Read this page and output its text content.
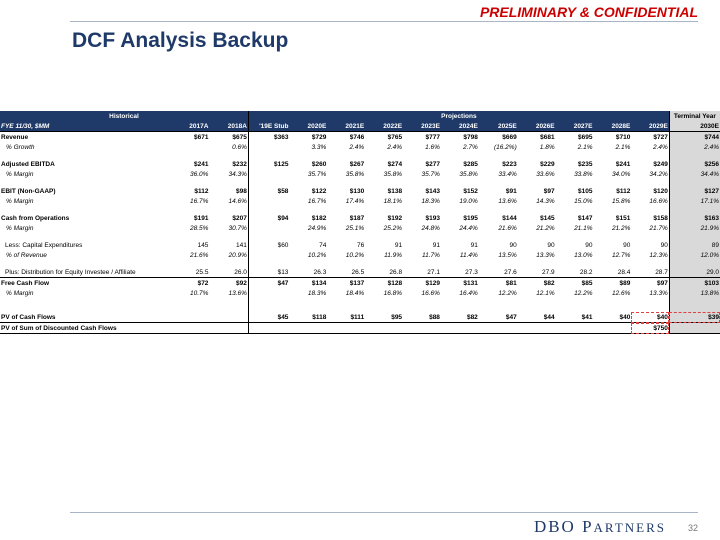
PRELIMINARY & CONFIDENTIAL
DCF Analysis Backup
Historical			Projections											Terminal Year
FYE 11/30, $MM	2017A	2018A	'19E Stub	2020E	2021E	2022E	2023E	2024E	2025E	2026E	2027E	2028E	2029E	2030E
Revenue	$671	$675	$363	$729	$746	$765	$777	$798	$669	$681	$695	$710	$727	$744
% Growth		0.6%		3.3%	2.4%	2.4%	1.6%	2.7%	(16.2%)	1.8%	2.1%	2.1%	2.4%	2.4%

Adjusted EBITDA	$241	$232	$125	$260	$267	$274	$277	$285	$223	$229	$235	$241	$249	$256
% Margin	36.0%	34.3%		35.7%	35.8%	35.8%	35.7%	35.8%	33.4%	33.6%	33.8%	34.0%	34.2%	34.4%

EBIT (Non-GAAP)	$112	$98	$58	$122	$130	$138	$143	$152	$91	$97	$105	$112	$120	$127
% Margin	16.7%	14.6%		16.7%	17.4%	18.1%	18.3%	19.0%	13.6%	14.3%	15.0%	15.8%	16.6%	17.1%

Cash from Operations	$191	$207	$94	$182	$187	$192	$193	$195	$144	$145	$147	$151	$158	$163
% Margin	28.5%	30.7%		24.9%	25.1%	25.2%	24.8%	24.4%	21.6%	21.2%	21.1%	21.2%	21.7%	21.9%

Less: Capital Expenditures	145	141	$60	74	76	91	91	91	90	90	90	90	90	89
% of Revenue	21.6%	20.9%		10.2%	10.2%	11.9%	11.7%	11.4%	13.5%	13.3%	13.0%	12.7%	12.3%	12.0%

Plus: Distribution for Equity Investee / Affiliate	25.5	26.0	$13	26.3	26.5	26.8	27.1	27.3	27.6	27.9	28.2	28.4	28.7	29.0
Free Cash Flow	$72	$92	$47	$134	$137	$128	$129	$131	$81	$82	$85	$89	$97	$103
% Margin	10.7%	13.6%		18.3%	18.4%	16.8%	16.6%	16.4%	12.2%	12.1%	12.2%	12.6%	13.3%	13.8%

PV of Cash Flows			$45	$118	$111	$95	$88	$82	$47	$44	$41	$40	$40	$39
PV of Sum of Discounted Cash Flows													$750	
DBO PARTNERS 32
